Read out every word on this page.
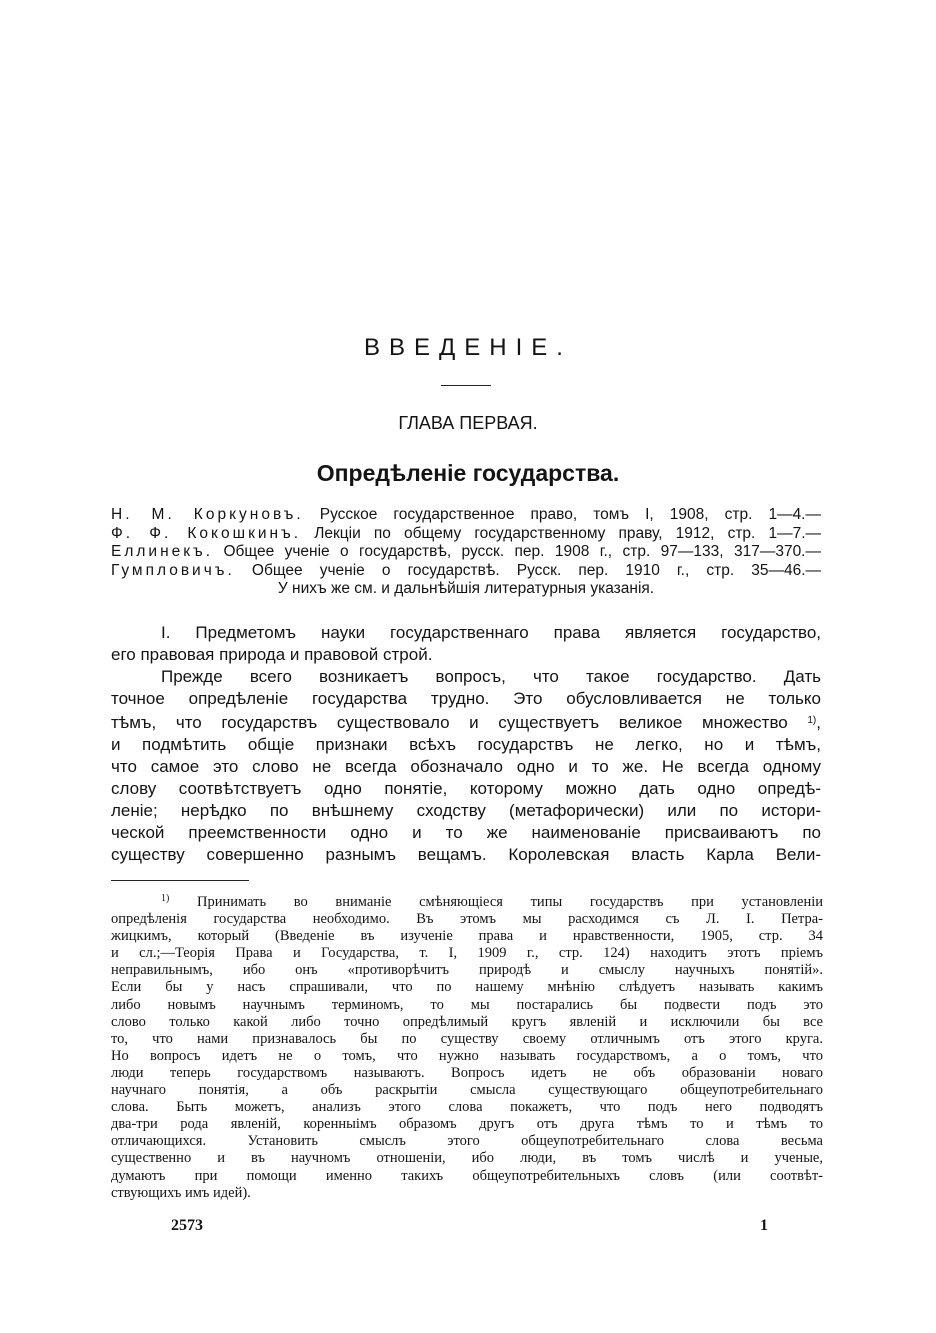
ВВЕДЕНIЕ.
ГЛАВА ПЕРВАЯ.
Опредѣленіе государства.
Н. М. Коркуновъ. Русское государственное право, томъ I, 1908, стр. 1—4.—
Ф. Ф. Кокошкинъ. Лекціи по общему государственному праву, 1912, стр. 1—7.—
Еллинекъ. Общее ученіе о государствѣ, русск. пер. 1908 г., стр. 97—133, 317—370.—
Гумпловичъ. Общее ученіе о государствѣ. Русск. пер. 1910 г., стр. 35—46.—
У нихъ же см. и дальнѣйшія литературныя указанія.

I. Предметомъ науки государственнаго права является государство,
его правовая природа и правовой строй.

Прежде всего возникаетъ вопросъ, что такое государство. Дать
точное опредѣленіе государства трудно. Это обусловливается не только
тѣмъ, что государствъ существовало и существуетъ великое множество $^{1)}$,
и подмѣтить общіе признаки всѣхъ государствъ не легко, но и тѣмъ,
что самое это слово не всегда обозначало одно и то же. Не всегда одному
слову соотвѣтствуетъ одно понятіе, которому можно дать одно опредѣ-
леніе; нерѣдко по внѣшнему сходству (метафорически) или по истори-
ческой преемственности одно и то же наименованіе присваиваютъ по
существу совершенно разнымъ вещамъ. Королевская власть Карла Вели-

$^{1)}$ Принимать во вниманіе смѣняющіеся типы государствъ при установленіи
опредѣленія государства необходимо. Въ этомъ мы расходимся съ Л. I. Петра-
жицкимъ, который (Введеніе въ изученіе права и нравственности, 1905, стр. 34
и сл.;—Теорія Права и Государства, т. I, 1909 г., стр. 124) находитъ этотъ пріемъ
неправильнымъ, ибо онъ «противорѣчитъ природѣ и смыслу научныхъ понятій».
Если бы у насъ спрашивали, что по нашему мнѣнію слѣдуетъ называть какимъ
либо новымъ научнымъ терминомъ, то мы постарались бы подвести подъ это
слово только какой либо точно опредѣлимый кругъ явленій и исключили бы все
то, что нами признавалось бы по существу своему отличнымъ отъ этого круга.
Но вопросъ идетъ не о томъ, что нужно называть государствомъ, а о томъ, что
люди теперь государствомъ называютъ. Вопросъ идетъ не объ образованіи новаго
научнаго понятія, а объ раскрытіи смысла существующаго общеупотребительнаго
слова. Быть можетъ, анализъ этого слова покажетъ, что подъ него подводятъ
два-три рода явленій, коренныімъ образомъ другъ отъ друга тѣмъ то и тѣмъ то
отличающихся. Установить смыслъ этого общеупотребительнаго слова весьма
существенно и въ научномъ отношеніи, ибо люди, въ томъ числѣ и ученые,
думаютъ при помощи именно такихъ общеупотребительныхъ словъ (или соотвѣт-
ствующихъ имъ идей).
2573	1
